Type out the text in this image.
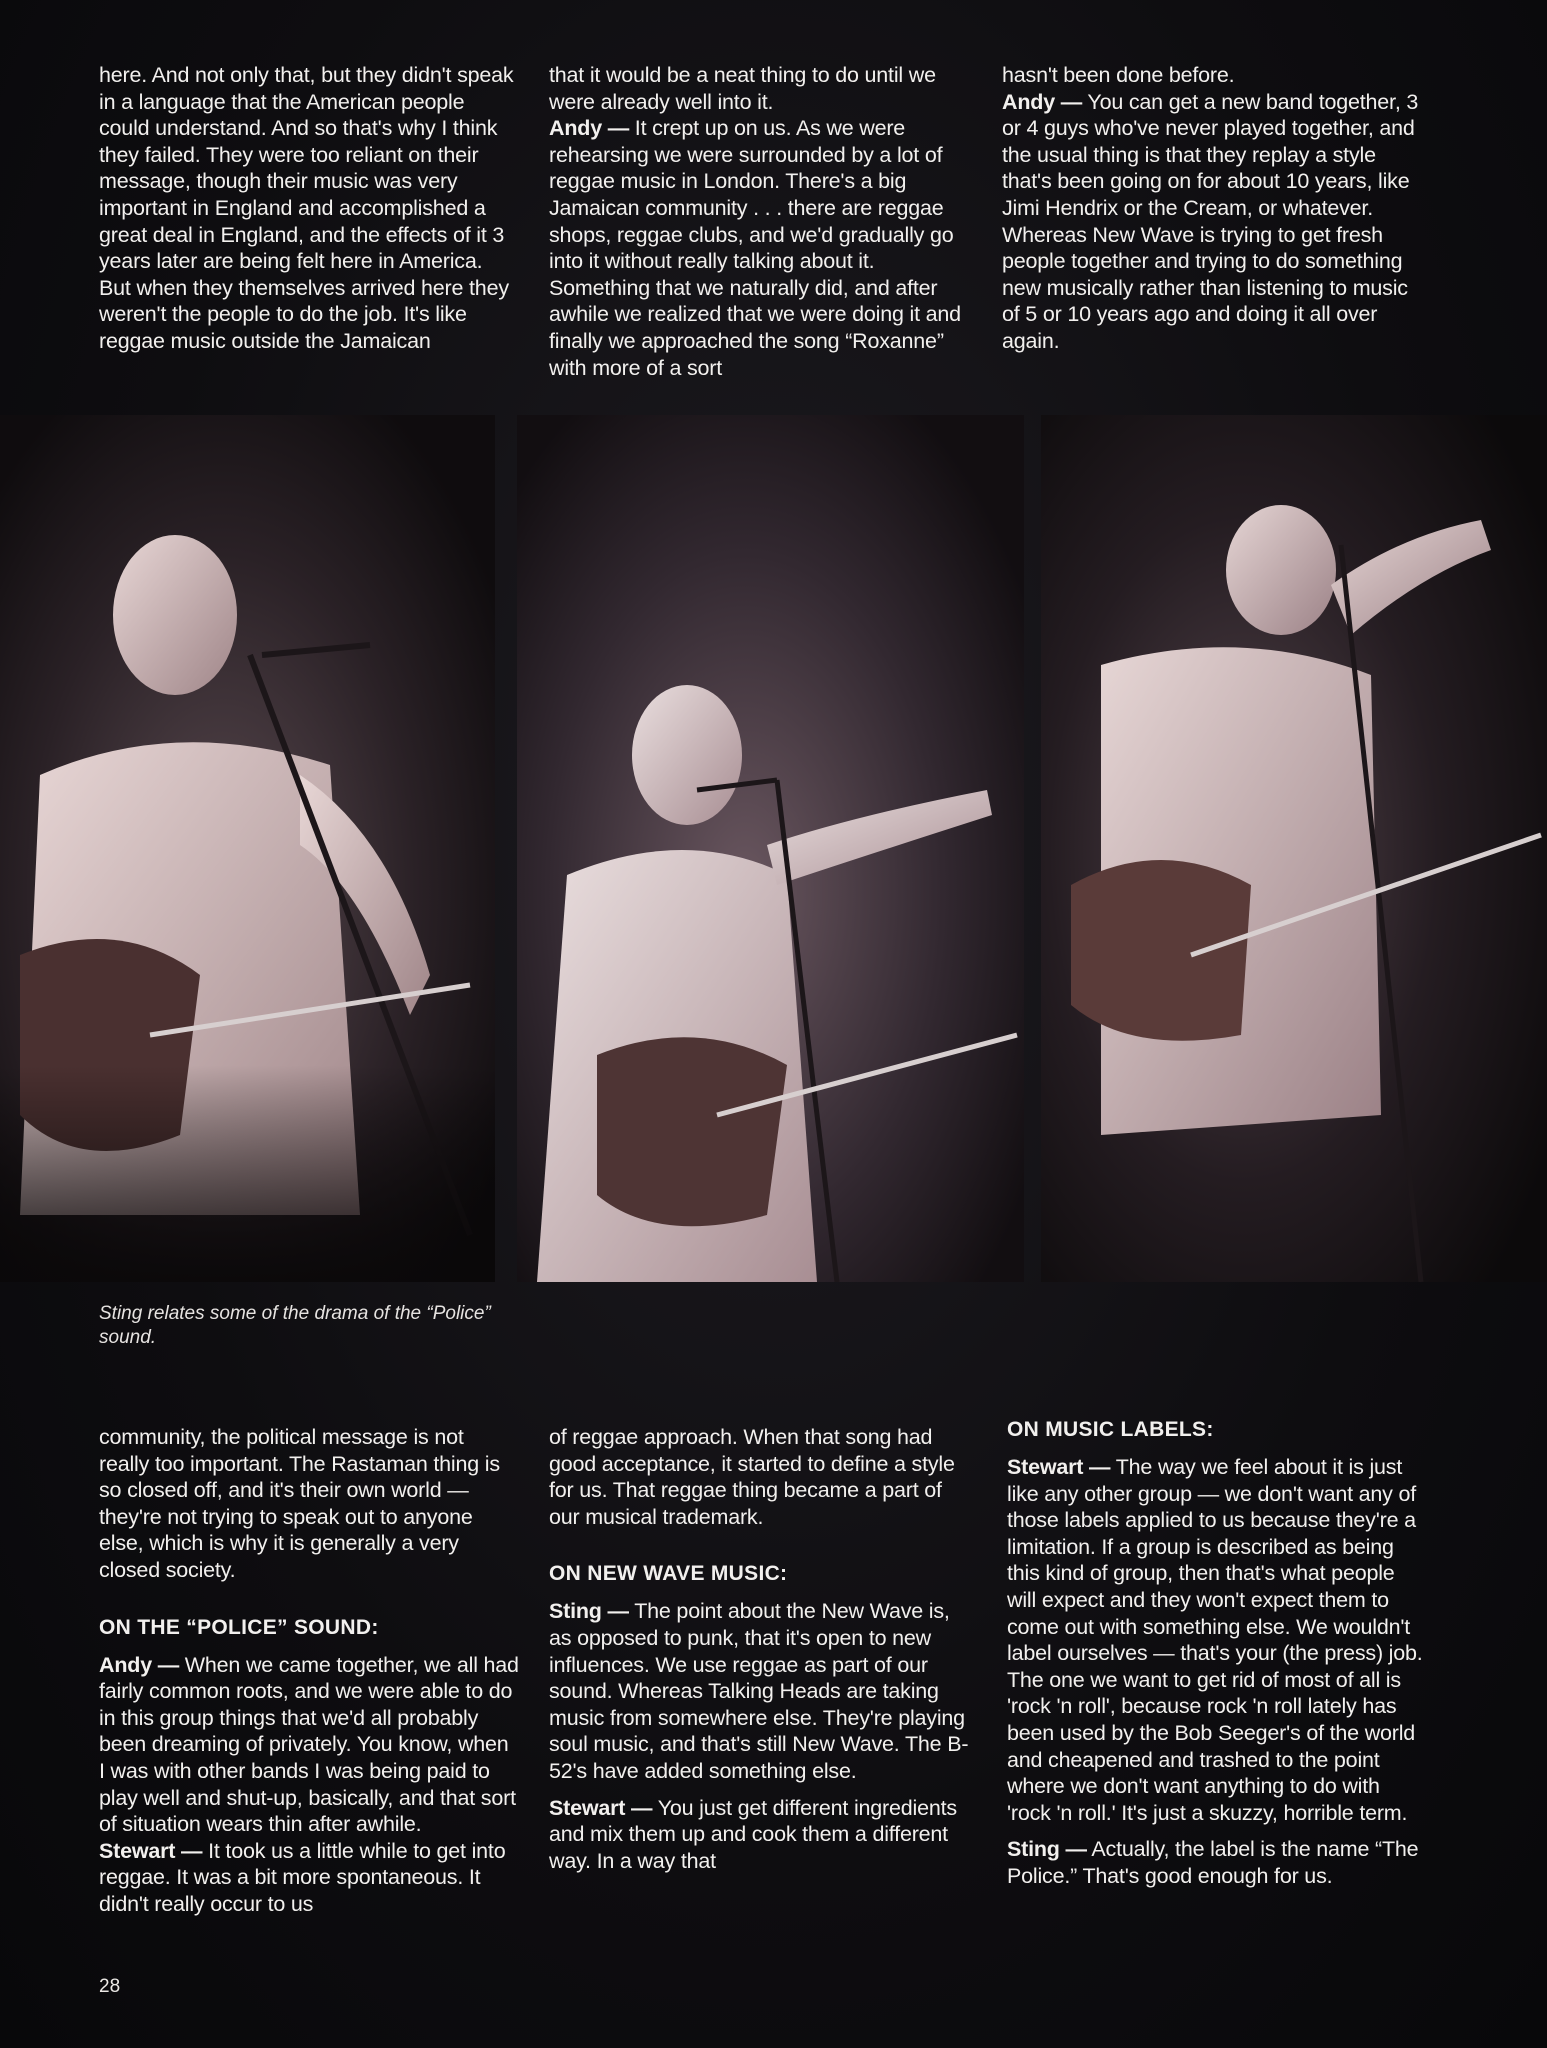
here. And not only that, but they didn't speak in a language that the American people could understand. And so that's why I think they failed. They were too reliant on their message, though their music was very important in England and accomplished a great deal in England, and the effects of it 3 years later are being felt here in America. But when they themselves arrived here they weren't the people to do the job. It's like reggae music outside the Jamaican

that it would be a neat thing to do until we were already well into it.

Andy — It crept up on us. As we were rehearsing we were surrounded by a lot of reggae music in London. There's a big Jamaican community . . . there are reggae shops, reggae clubs, and we'd gradually go into it without really talking about it. Something that we naturally did, and after awhile we realized that we were doing it and finally we approached the song “Roxanne” with more of a sort

hasn't been done before.

Andy — You can get a new band together, 3 or 4 guys who've never played together, and the usual thing is that they replay a style that's been going on for about 10 years, like Jimi Hendrix or the Cream, or whatever. Whereas New Wave is trying to get fresh people together and trying to do something new musically rather than listening to music of 5 or 10 years ago and doing it all over again.

Sting relates some of the drama of the “Police” sound.

community, the political message is not really too important. The Rastaman thing is so closed off, and it's their own world — they're not trying to speak out to anyone else, which is why it is generally a very closed society.

ON THE “POLICE” SOUND:

Andy — When we came together, we all had fairly common roots, and we were able to do in this group things that we'd all probably been dreaming of privately. You know, when I was with other bands I was being paid to play well and shut-up, basically, and that sort of situation wears thin after awhile.

Stewart — It took us a little while to get into reggae. It was a bit more spontaneous. It didn't really occur to us

of reggae approach. When that song had good acceptance, it started to define a style for us. That reggae thing became a part of our musical trademark.

ON NEW WAVE MUSIC:

Sting — The point about the New Wave is, as opposed to punk, that it's open to new influences. We use reggae as part of our sound. Whereas Talking Heads are taking music from somewhere else. They're playing soul music, and that's still New Wave. The B-52's have added something else.

Stewart — You just get different ingredients and mix them up and cook them a different way. In a way that

ON MUSIC LABELS:

Stewart — The way we feel about it is just like any other group — we don't want any of those labels applied to us because they're a limitation. If a group is described as being this kind of group, then that's what people will expect and they won't expect them to come out with something else. We wouldn't label ourselves — that's your (the press) job. The one we want to get rid of most of all is 'rock 'n roll', because rock 'n roll lately has been used by the Bob Seeger's of the world and cheapened and trashed to the point where we don't want anything to do with 'rock 'n roll.' It's just a skuzzy, horrible term.

Sting — Actually, the label is the name “The Police.” That's good enough for us.

28
